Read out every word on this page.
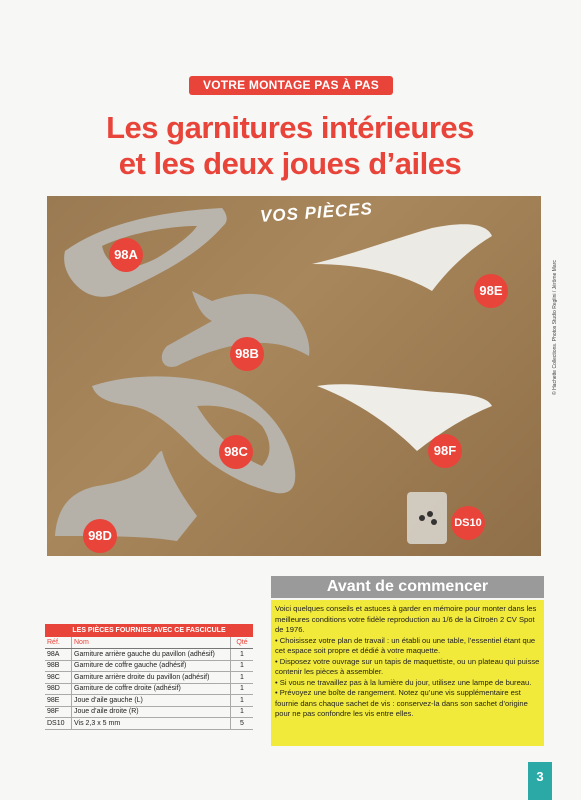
VOTRE MONTAGE PAS À PAS
Les garnitures intérieures
et les deux joues d’ailes
VOS PIÈCES
98A
98B
98C
98D
98E
98F
DS10
© Hachette Collections. Photos Studio Reglini / Jérôme Marc
Avant de commencer

Voici quelques conseils et astuces à garder en mémoire pour monter dans les meilleures conditions votre fidèle reproduction au 1/6 de la Citroën 2 CV Spot de 1976.

• Choisissez votre plan de travail : un établi ou une table, l’essentiel étant que cet espace soit propre et dédié à votre maquette.

• Disposez votre ouvrage sur un tapis de maquettiste, ou un plateau qui puisse contenir les pièces à assembler.

• Si vous ne travaillez pas à la lumière du jour, utilisez une lampe de bureau.

• Prévoyez une boîte de rangement. Notez qu’une vis supplémentaire est fournie dans chaque sachet de vis : conservez-la dans son sachet d’origine pour ne pas confondre les vis entre elles.

LES PIÈCES FOURNIES AVEC CE FASCICULE
Réf.	Nom	Qté
98A	Garniture arrière gauche du pavillon (adhésif)	1
98B	Garniture de coffre gauche (adhésif)	1
98C	Garniture arrière droite du pavillon (adhésif)	1
98D	Garniture de coffre droite (adhésif)	1
98E	Joue d’aile gauche (L)	1
98F	Joue d’aile droite (R)	1
DS10	Vis 2,3 x 5 mm	5
3
